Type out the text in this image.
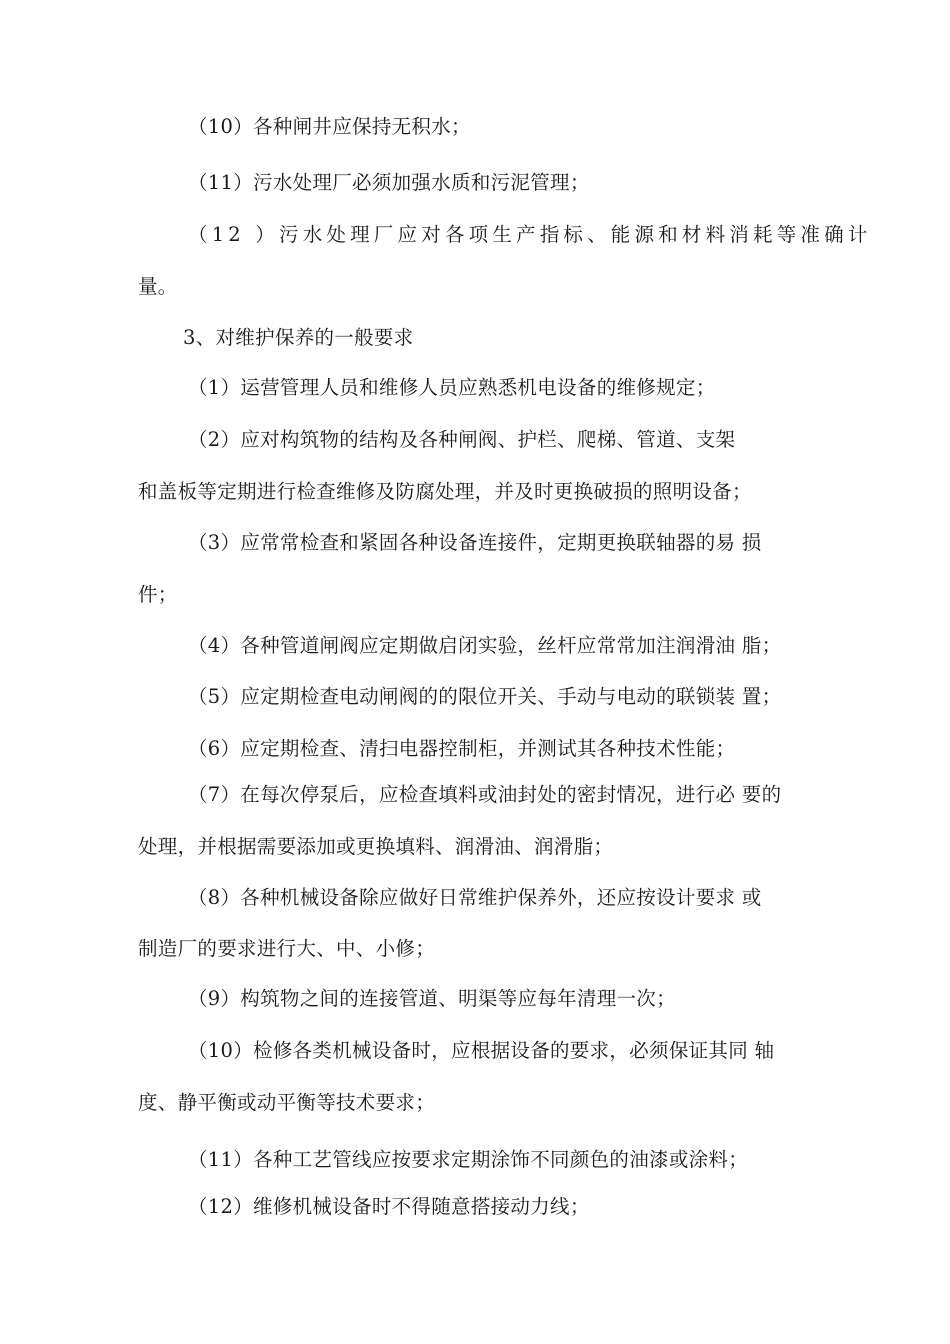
（10）各种闸井应保持无积水；
（11）污水处理厂必须加强水质和污泥管理；
（12 ）污水处理厂应对各项生产指标、能源和材料消耗等准确计
量。
3、对维护保养的一般要求
（1）运营管理人员和维修人员应熟悉机电设备的维修规定；
（2）应对构筑物的结构及各种闸阀、护栏、爬梯、管道、支架
和盖板等定期进行检查维修及防腐处理，并及时更换破损的照明设备；
（3）应常常检查和紧固各种设备连接件，定期更换联轴器的易 损
件；
（4）各种管道闸阀应定期做启闭实验，丝杆应常常加注润滑油 脂；
（5）应定期检查电动闸阀的的限位开关、手动与电动的联锁装 置；
（6）应定期检查、清扫电器控制柜，并测试其各种技术性能；
（7）在每次停泵后，应检查填料或油封处的密封情况，进行必 要的
处理，并根据需要添加或更换填料、润滑油、润滑脂；
（8）各种机械设备除应做好日常维护保养外，还应按设计要求 或
制造厂的要求进行大、中、小修；
（9）构筑物之间的连接管道、明渠等应每年清理一次；
（10）检修各类机械设备时，应根据设备的要求，必须保证其同 轴
度、静平衡或动平衡等技术要求；
（11）各种工艺管线应按要求定期涂饰不同颜色的油漆或涂料；
（12）维修机械设备时不得随意搭接动力线；
